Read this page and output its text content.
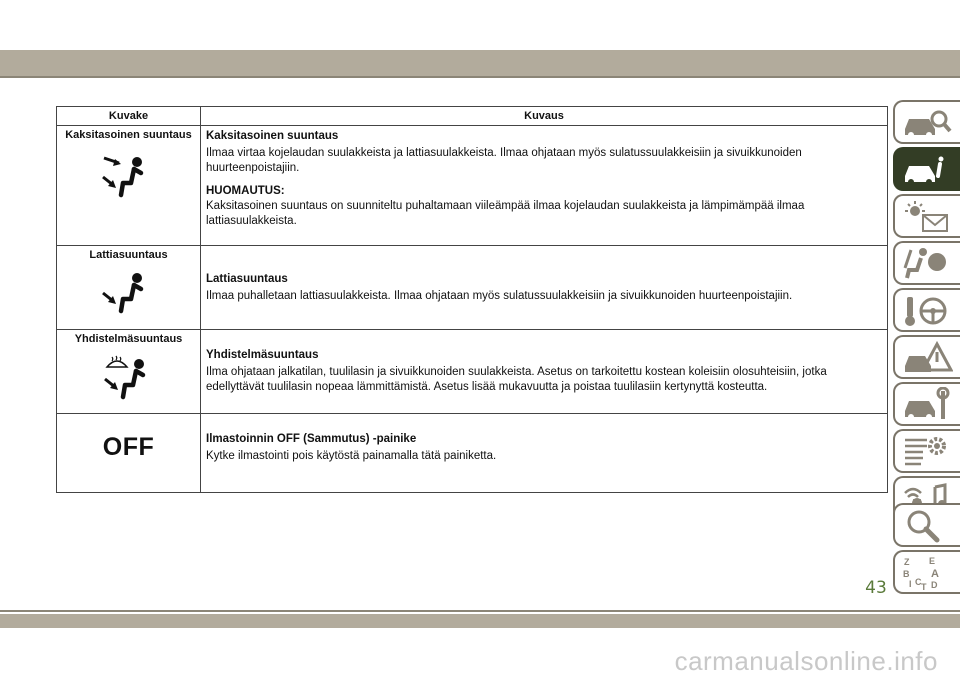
Kuvake	Kuvaus

Kaksitasoinen suuntaus	Kaksitasoinen suuntaus
Ilmaa virtaa kojelaudan suulakkeista ja lattiasuulakkeista. Ilmaa ohjataan myös sulatussuulakkeisiin ja sivuikkunoiden huurteenpoistajiin.
HUOMAUTUS:
Kaksitasoinen suuntaus on suunniteltu puhaltamaan viileämpää ilmaa kojelaudan suulakkeista ja lämpimämpää ilmaa lattiasuulakkeista.

Lattiasuuntaus	Lattiasuuntaus
Ilmaa puhalletaan lattiasuulakkeista. Ilmaa ohjataan myös sulatussuulakkeisiin ja sivuikkunoiden huurteenpoistajiin.

Yhdistelmäsuuntaus	Yhdistelmäsuuntaus
Ilma ohjataan jalkatilan, tuulilasin ja sivuikkunoiden suulakkeista. Asetus on tarkoitettu kostean koleisiin olosuhteisiin, jotka edellyttävät tuulilasin nopeaa lämmittämistä. Asetus lisää mukavuutta ja poistaa tuulilasiin kertynyttä kosteutta.

OFF	Ilmastoinnin OFF (Sammutus) -painike
Kytke ilmastointi pois käytöstä painamalla tätä painiketta.
Z E
B A
I C T D
43
carmanualsonline.info
